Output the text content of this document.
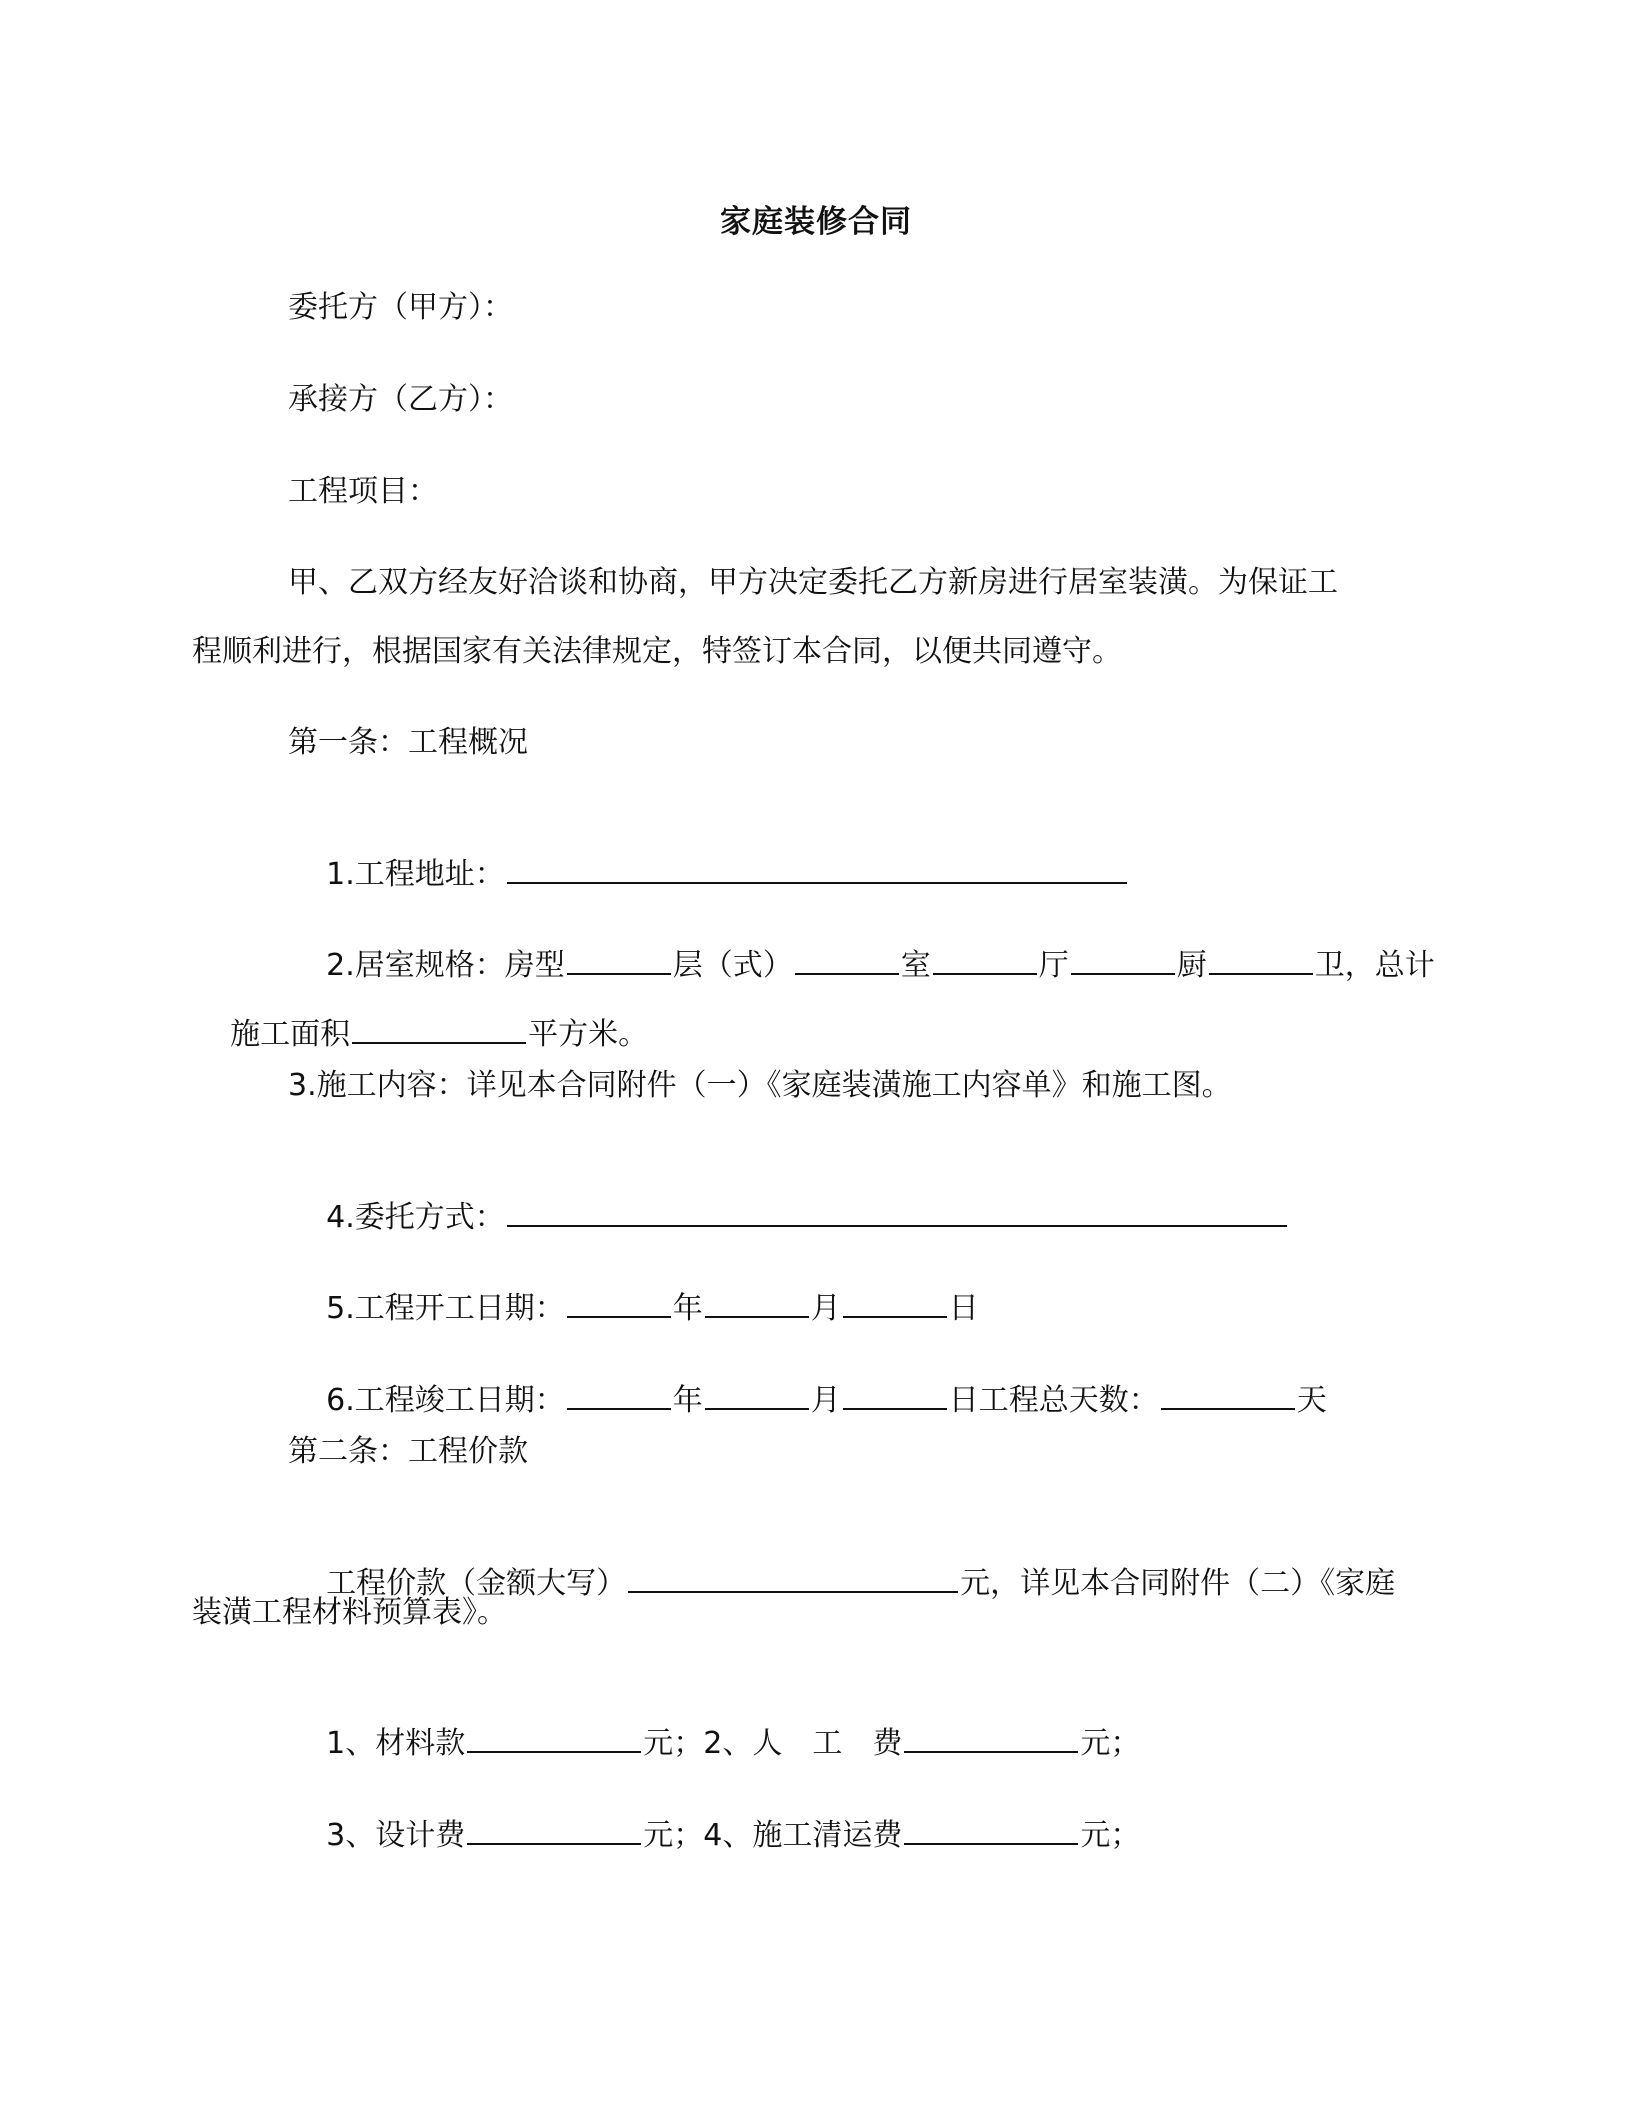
家庭装修合同
委托方（甲方）：
承接方（乙方）：
工程项目：
甲、乙双方经友好洽谈和协商，甲方决定委托乙方新房进行居室装潢。为保证工
程顺利进行，根据国家有关法律规定，特签订本合同，以便共同遵守。
第一条：工程概况

1.工程地址：

2.居室规格：房型	层（式）	室	厅	厨	卫，总计

施工面积	平方米。

3.施工内容：详见本合同附件（一）《家庭装潢施工内容单》和施工图。

4.委托方式：

5.工程开工日期：	年	月	日

6.工程竣工日期：	年	月	日工程总天数：	天

第二条：工程价款

工程价款（金额大写）	元，详见本合同附件（二）《家庭

装潢工程材料预算表》。

1、材料款	元；2、人　工　费	元；

3、设计费	元；4、施工清运费	元；
